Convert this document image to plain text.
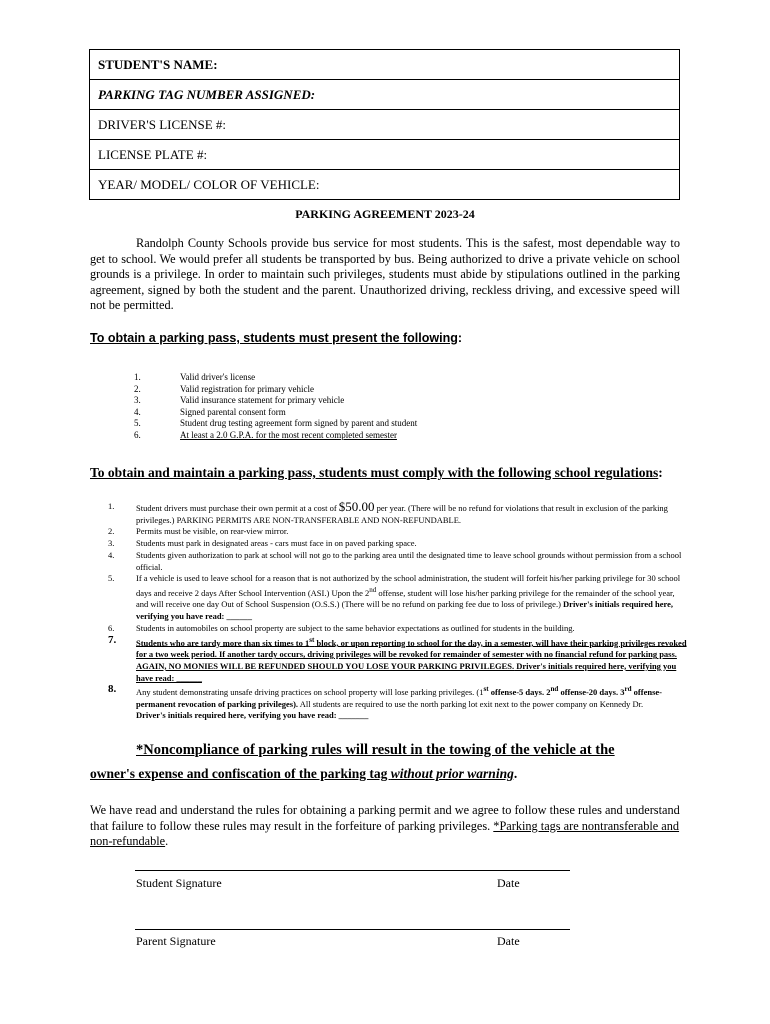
STUDENT'S NAME:
PARKING TAG NUMBER ASSIGNED:
DRIVER'S LICENSE #:
LICENSE PLATE #:
YEAR/ MODEL/ COLOR OF VEHICLE:
PARKING AGREEMENT 2023-24
Randolph County Schools provide bus service for most students. This is the safest, most dependable way to get to school. We would prefer all students be transported by bus. Being authorized to drive a private vehicle on school grounds is a privilege. In order to maintain such privileges, students must abide by stipulations outlined in the parking agreement, signed by both the student and the parent. Unauthorized driving, reckless driving, and excessive speed will not be permitted.
To obtain a parking pass, students must present the following:
1.	Valid driver's license
2.	Valid registration for primary vehicle
3.	Valid insurance statement for primary vehicle
4.	Signed parental consent form
5.	Student drug testing agreement form signed by parent and student
6.	At least a 2.0 G.P.A. for the most recent completed semester
To obtain and maintain a parking pass, students must comply with the following school regulations:
1.	Student drivers must purchase their own permit at a cost of $50.00 per year. (There will be no refund for violations that result in exclusion of the parking privileges.) PARKING PERMITS ARE NON-TRANSFERABLE AND NON-REFUNDABLE.
2.	Permits must be visible, on rear-view mirror.
3.	Students must park in designated areas - cars must face in on paved parking space.
4.	Students given authorization to park at school will not go to the parking area until the designated time to leave school grounds without permission from a school official.
5.	If a vehicle is used to leave school for a reason that is not authorized by the school administration, the student will forfeit his/her parking privilege for 30 school days and receive 2 days After School Intervention (ASI.) Upon the 2nd offense, student will lose his/her parking privilege for the remainder of the school year, and will receive one day Out of School Suspension (O.S.S.) (There will be no refund on parking fee due to loss of privilege.) Driver's initials required here, verifying you have read: ______
6.	Students in automobiles on school property are subject to the same behavior expectations as outlined for students in the building.
7. Students who are tardy more than six times to 1st block, or upon reporting to school for the day, in a semester, will have their parking privileges revoked for a two week period. If another tardy occurs, driving privileges will be revoked for remainder of semester with no financial refund for parking pass. AGAIN, NO MONIES WILL BE REFUNDED SHOULD YOU LOSE YOUR PARKING PRIVILEGES. Driver's initials required here, verifying you have read: ______
8. Any student demonstrating unsafe driving practices on school property will lose parking privileges. (1st offense-5 days. 2nd offense-20 days. 3rd offense- permanent revocation of parking privileges). All students are required to use the north parking lot exit next to the power company on Kennedy Dr.
Driver's initials required here, verifying you have read: _______
*Noncompliance of parking rules will result in the towing of the vehicle at the
owner's expense and confiscation of the parking tag without prior warning.
We have read and understand the rules for obtaining a parking permit and we agree to follow these rules and understand that failure to follow these rules may result in the forfeiture of parking privileges. *Parking tags are nontransferable and non-refundable.
Student Signature	Date
Parent Signature	Date
